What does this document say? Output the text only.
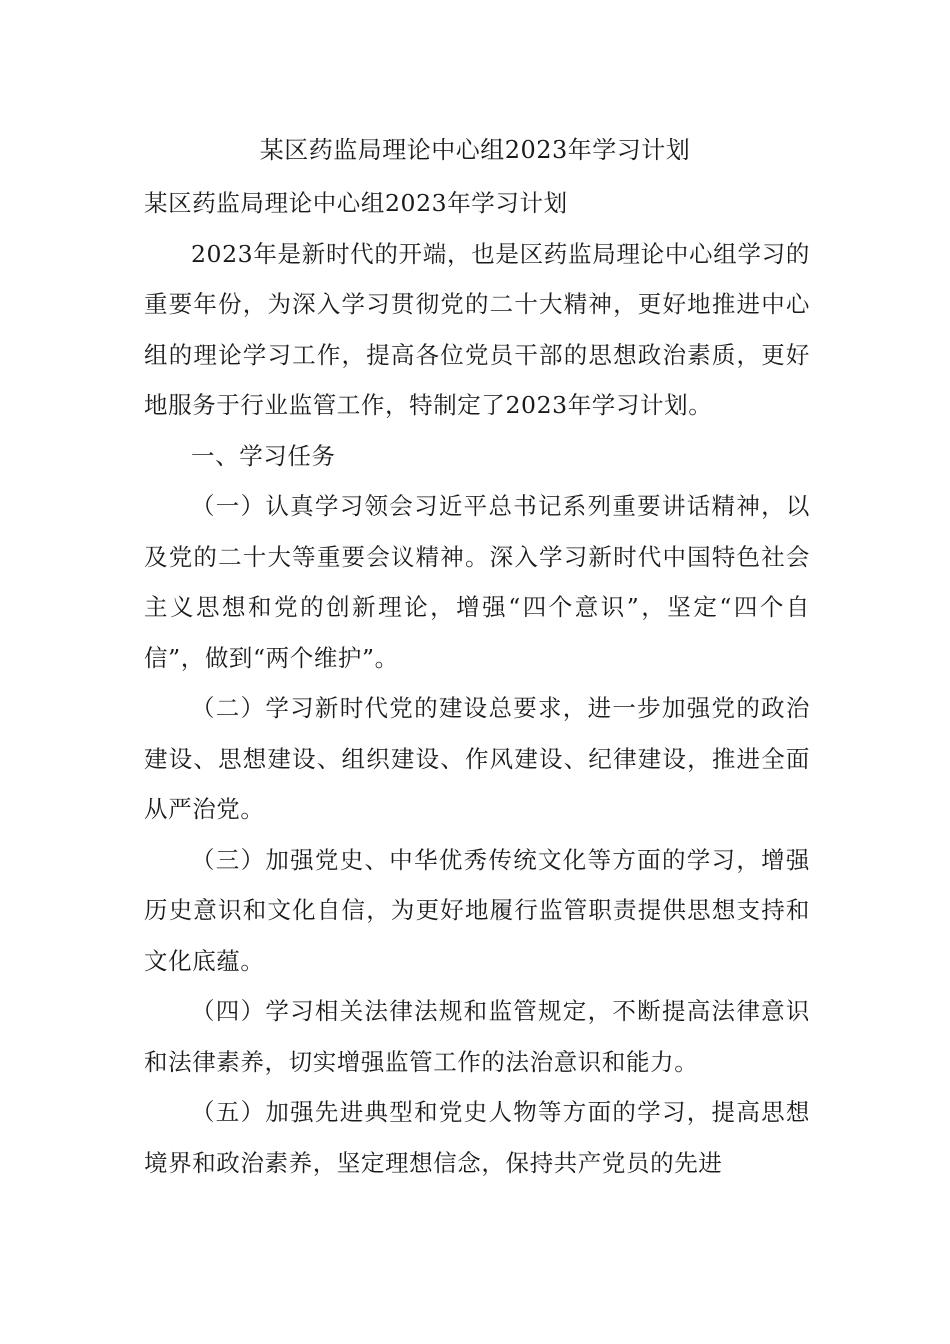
某区药监局理论中心组2023年学习计划

某区药监局理论中心组2023年学习计划

2023年是新时代的开端，也是区药监局理论中心组学习的重要年份，为深入学习贯彻党的二十大精神，更好地推进中心组的理论学习工作，提高各位党员干部的思想政治素质，更好地服务于行业监管工作，特制定了2023年学习计划。

一、学习任务

（一）认真学习领会习近平总书记系列重要讲话精神，以及党的二十大等重要会议精神。深入学习新时代中国特色社会主义思想和党的创新理论，增强“四个意识”，坚定“四个自信”，做到“两个维护”。

（二）学习新时代党的建设总要求，进一步加强党的政治建设、思想建设、组织建设、作风建设、纪律建设，推进全面从严治党。

（三）加强党史、中华优秀传统文化等方面的学习，增强历史意识和文化自信，为更好地履行监管职责提供思想支持和文化底蕴。

（四）学习相关法律法规和监管规定，不断提高法律意识和法律素养，切实增强监管工作的法治意识和能力。

（五）加强先进典型和党史人物等方面的学习，提高思想境界和政治素养，坚定理想信念，保持共产党员的先进
